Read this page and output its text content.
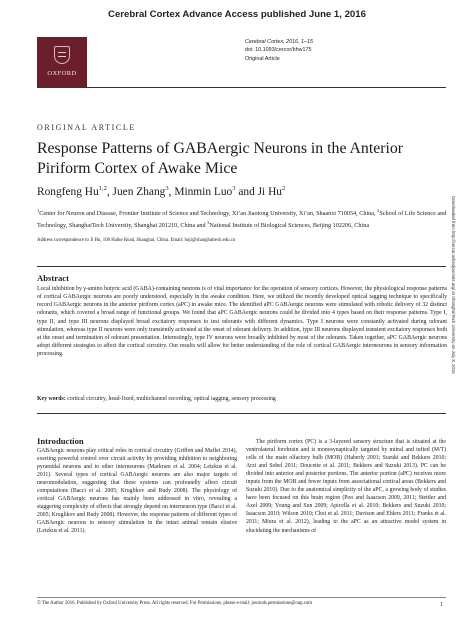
Cerebral Cortex Advance Access published June 1, 2016
OXFORD
Cerebral Cortex, 2016, 1–15
doi: 10.1093/cercor/bhw175
Original Article
ORIGINAL ARTICLE
Response Patterns of GABAergic Neurons in the Anterior Piriform Cortex of Awake Mice
Rongfeng Hu$^{1,2}$, Juen Zhang$^3$, Minmin Luo$^3$ and Ji Hu$^2$
$^1$Center for Neuron and Disease, Frontier Institute of Science and Technology, Xi’an Jiaotong University, Xi’an, Shaanxi 710054, China, $^2$School of Life Science and Technology, ShanghaiTech University, Shanghai 201210, China and $^3$National Institute of Biological Sciences, Beijing 102206, China
Address correspondence to Ji Hu, 100 Haike Road, Shanghai, China. Email: huji@shanghaitech.edu.cn	Downloaded from http://cercor.oxfordjournals.org/ at ShanghaiTech University on July 8, 2016
Abstract
Local inhibition by γ-amino butyric acid (GABA)-containing neurons is of vital importance for the operation of sensory cortices. However, the physiological response patterns of cortical GABAergic neurons are poorly understood, especially in the awake condition. Here, we utilized the recently developed optical tagging technique to specifically record GABAergic neurons in the anterior piriform cortex (aPC) in awake mice. The identified aPC GABAergic neurons were stimulated with robotic delivery of 32 distinct odorants, which covered a broad range of functional groups. We found that aPC GABAergic neurons could be divided into 4 types based on their response patterns. Type I, type II, and type III neurons displayed broad excitatory responses to test odorants with different dynamics. Type I neurons were constantly activated during odorant stimulation, whereas type II neurons were only transiently activated at the onset of odorant delivery. In addition, type III neurons displayed transient excitatory responses both at the onset and termination of odorant presentation. Interestingly, type IV neurons were broadly inhibited by most of the odorants. Taken together, aPC GABAergic neurons adopt different strategies to affect the cortical circuitry. Our results will allow for better understanding of the role of cortical GABAergic interneurons in sensory information processing.
Key words: cortical circuitry, head-fixed, multichannel recording, optical tagging, sensory processing
Introduction
GABAergic neurons play critical roles in cortical circuitry (Griffen and Maffei 2014), exerting powerful control over circuit activity by providing inhibition to neighboring pyramidal neurons and to other interneurons (Markram et al. 2004; Letzkus et al. 2011). Several types of cortical GABAergic neurons are also major targets of neuromodulation, suggesting that these systems can profoundly affect circuit computations (Bacci et al. 2005; Kruglikov and Rudy 2008). The physiology of cortical GABAergic neurons has mainly been addressed in vitro, revealing a staggering complexity of effects that strongly depend on interneuron type (Bacci et al. 2005; Kruglikov and Rudy 2008). However, the response patterns of different types of GABAergic neurons to sensory stimulation in the intact animal remain elusive (Letzkus et al. 2011).
The piriform cortex (PC) is a 3-layered sensory structure that is situated at the ventrolateral forebrain and is monosynaptically targeted by mitral and tufted (M/T) cells of the main olfactory bulb (MOB) (Haberly 2001; Suzuki and Bekkers 2010; Arzi and Sobel 2011; Doucette et al. 2011; Bekkers and Suzuki 2013). PC can be divided into anterior and posterior portions. The anterior portion (aPC) receives more inputs from the MOB and fewer inputs from associational cortical areas (Bekkers and Suzuki 2010). Due to the anatomical simplicity of the aPC, a growing body of studies have been focused on this brain region (Poo and Isaacson 2009, 2011; Stettler and Axel 2009; Young and Sun 2009; Apicella et al. 2010; Bekkers and Suzuki 2010; Isaacson 2010; Wilson 2010; Choi et al. 2011; Davison and Ehlers 2011; Franks et al. 2011; Miura et al. 2012), leading to the aPC as an attractive model system in elucidating the mechanisms of
© The Author 2016. Published by Oxford University Press. All rights reserved. For Permissions, please e-mail: journals.permissions@oup.com	1
